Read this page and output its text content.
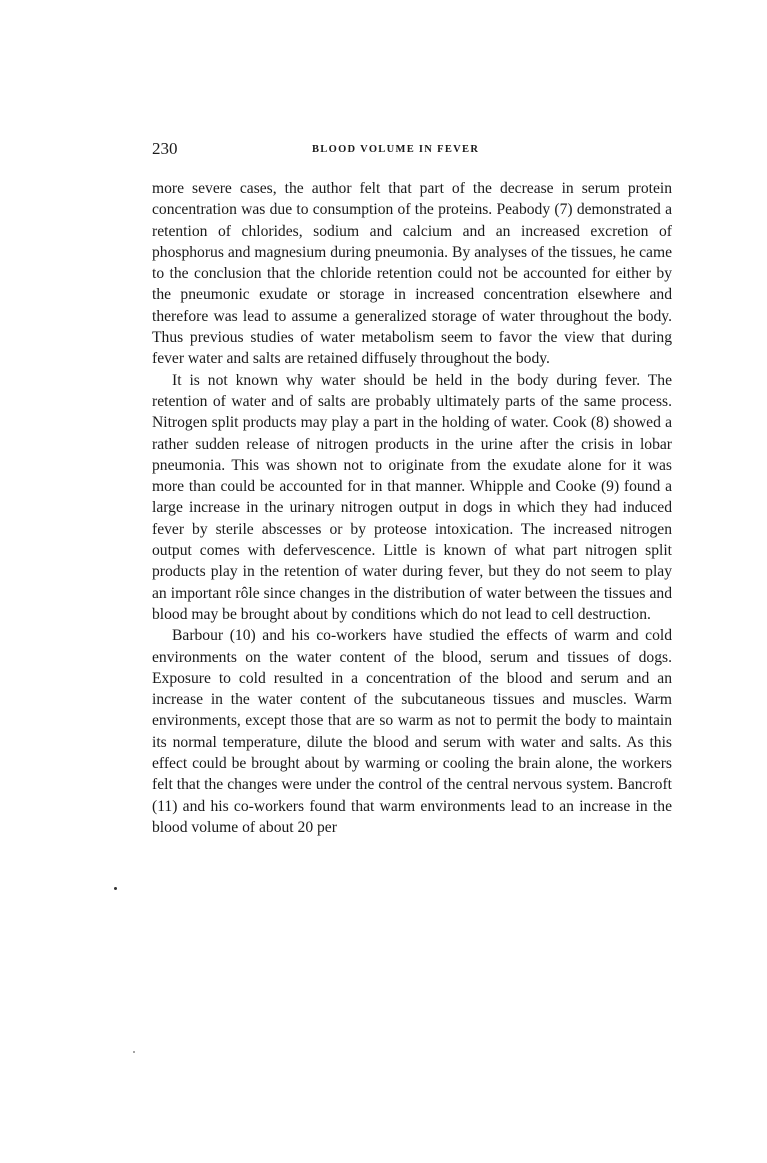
230	BLOOD VOLUME IN FEVER

more severe cases, the author felt that part of the decrease in serum protein concentration was due to consumption of the proteins. Peabody (7) demonstrated a retention of chlorides, sodium and calcium and an increased excretion of phosphorus and magnesium during pneumonia. By analyses of the tissues, he came to the conclusion that the chloride retention could not be accounted for either by the pneumonic exudate or storage in increased concentration elsewhere and therefore was lead to assume a generalized storage of water throughout the body. Thus previous studies of water metabolism seem to favor the view that during fever water and salts are retained diffusely throughout the body.

It is not known why water should be held in the body during fever. The retention of water and of salts are probably ultimately parts of the same process. Nitrogen split products may play a part in the holding of water. Cook (8) showed a rather sudden release of nitrogen products in the urine after the crisis in lobar pneumonia. This was shown not to originate from the exudate alone for it was more than could be accounted for in that manner. Whipple and Cooke (9) found a large increase in the urinary nitrogen output in dogs in which they had induced fever by sterile abscesses or by proteose intoxication. The increased nitrogen output comes with defervescence. Little is known of what part nitrogen split products play in the retention of water during fever, but they do not seem to play an important rôle since changes in the distribution of water between the tissues and blood may be brought about by conditions which do not lead to cell destruction.

Barbour (10) and his co-workers have studied the effects of warm and cold environments on the water content of the blood, serum and tissues of dogs. Exposure to cold resulted in a concentration of the blood and serum and an increase in the water content of the subcutaneous tissues and muscles. Warm environments, except those that are so warm as not to permit the body to maintain its normal temperature, dilute the blood and serum with water and salts. As this effect could be brought about by warming or cooling the brain alone, the workers felt that the changes were under the control of the central nervous system. Bancroft (11) and his co-workers found that warm environments lead to an increase in the blood volume of about 20 per
